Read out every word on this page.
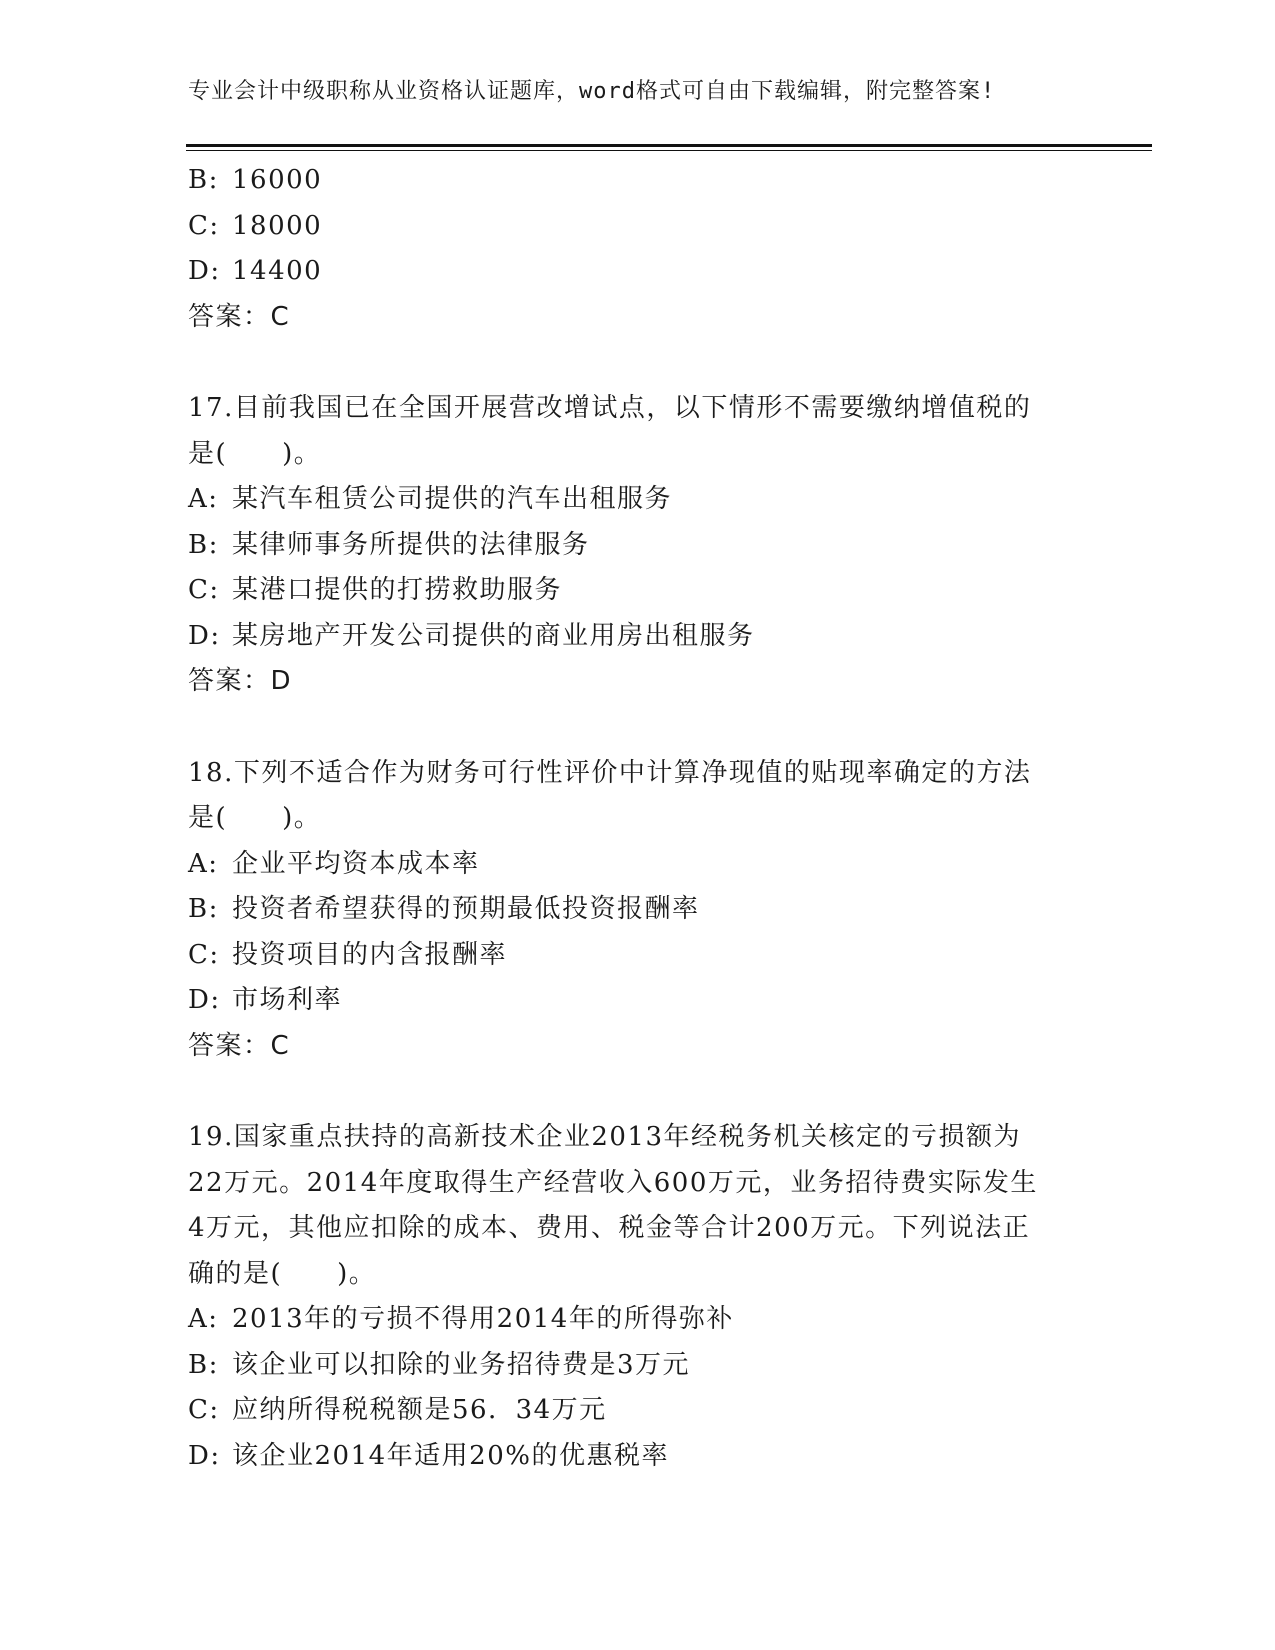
专业会计中级职称从业资格认证题库，word格式可自由下载编辑，附完整答案!
B: 16000
C: 18000
D: 14400
答案：C
17.目前我国已在全国开展营改增试点，以下情形不需要缴纳增值税的
是(　　)。
A: 某汽车租赁公司提供的汽车出租服务
B: 某律师事务所提供的法律服务
C: 某港口提供的打捞救助服务
D: 某房地产开发公司提供的商业用房出租服务
答案：D
18.下列不适合作为财务可行性评价中计算净现值的贴现率确定的方法
是(　　)。
A: 企业平均资本成本率
B: 投资者希望获得的预期最低投资报酬率
C: 投资项目的内含报酬率
D: 市场利率
答案：C
19.国家重点扶持的高新技术企业2013年经税务机关核定的亏损额为
22万元。2014年度取得生产经营收入600万元，业务招待费实际发生
4万元，其他应扣除的成本、费用、税金等合计200万元。下列说法正
确的是(　　)。
A: 2013年的亏损不得用2014年的所得弥补
B: 该企业可以扣除的业务招待费是3万元
C: 应纳所得税税额是56．34万元
D: 该企业2014年适用20%的优惠税率
